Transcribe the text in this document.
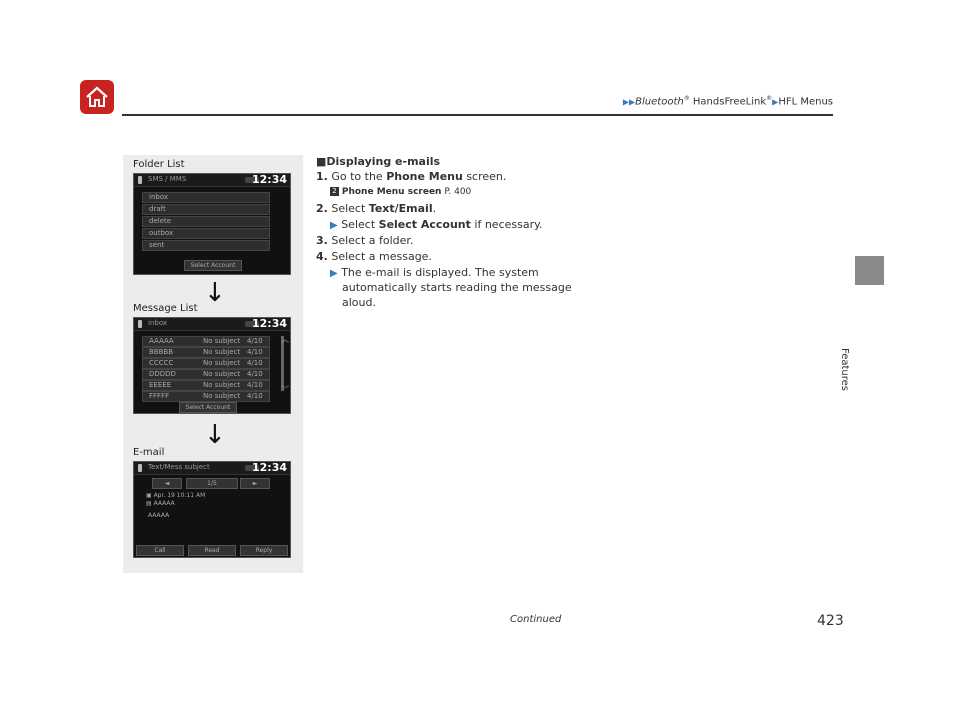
▶▶Bluetooth® HandsFreeLink®▶HFL Menus
Features
Folder List
SMS / MMS	12:34
inbox
draft
delete
outbox
sent
Select Account
↓
Message List
inbox	12:34
AAAAA	No subject 4/10
BBBBB	No subject 4/10
CCCCC	No subject 4/10
DDDDD	No subject 4/10
EEEEE	No subject 4/10
FFFFF	No subject 4/10
︽
︾
Select Account
↓
E-mail
Text/Mess subject	12:34
◄	1/5	►
▣ Apr. 19 10:11 AM
▤ AAAAA
AAAAA
Call	Read	Reply
■Displaying e-mails
1. Go to the Phone Menu screen.
2 Phone Menu screen P. 400
2. Select Text/Email.
▶ Select Select Account if necessary.
3. Select a folder.
4. Select a message.
▶ The e-mail is displayed. The system
automatically starts reading the message
aloud.
Continued	423
